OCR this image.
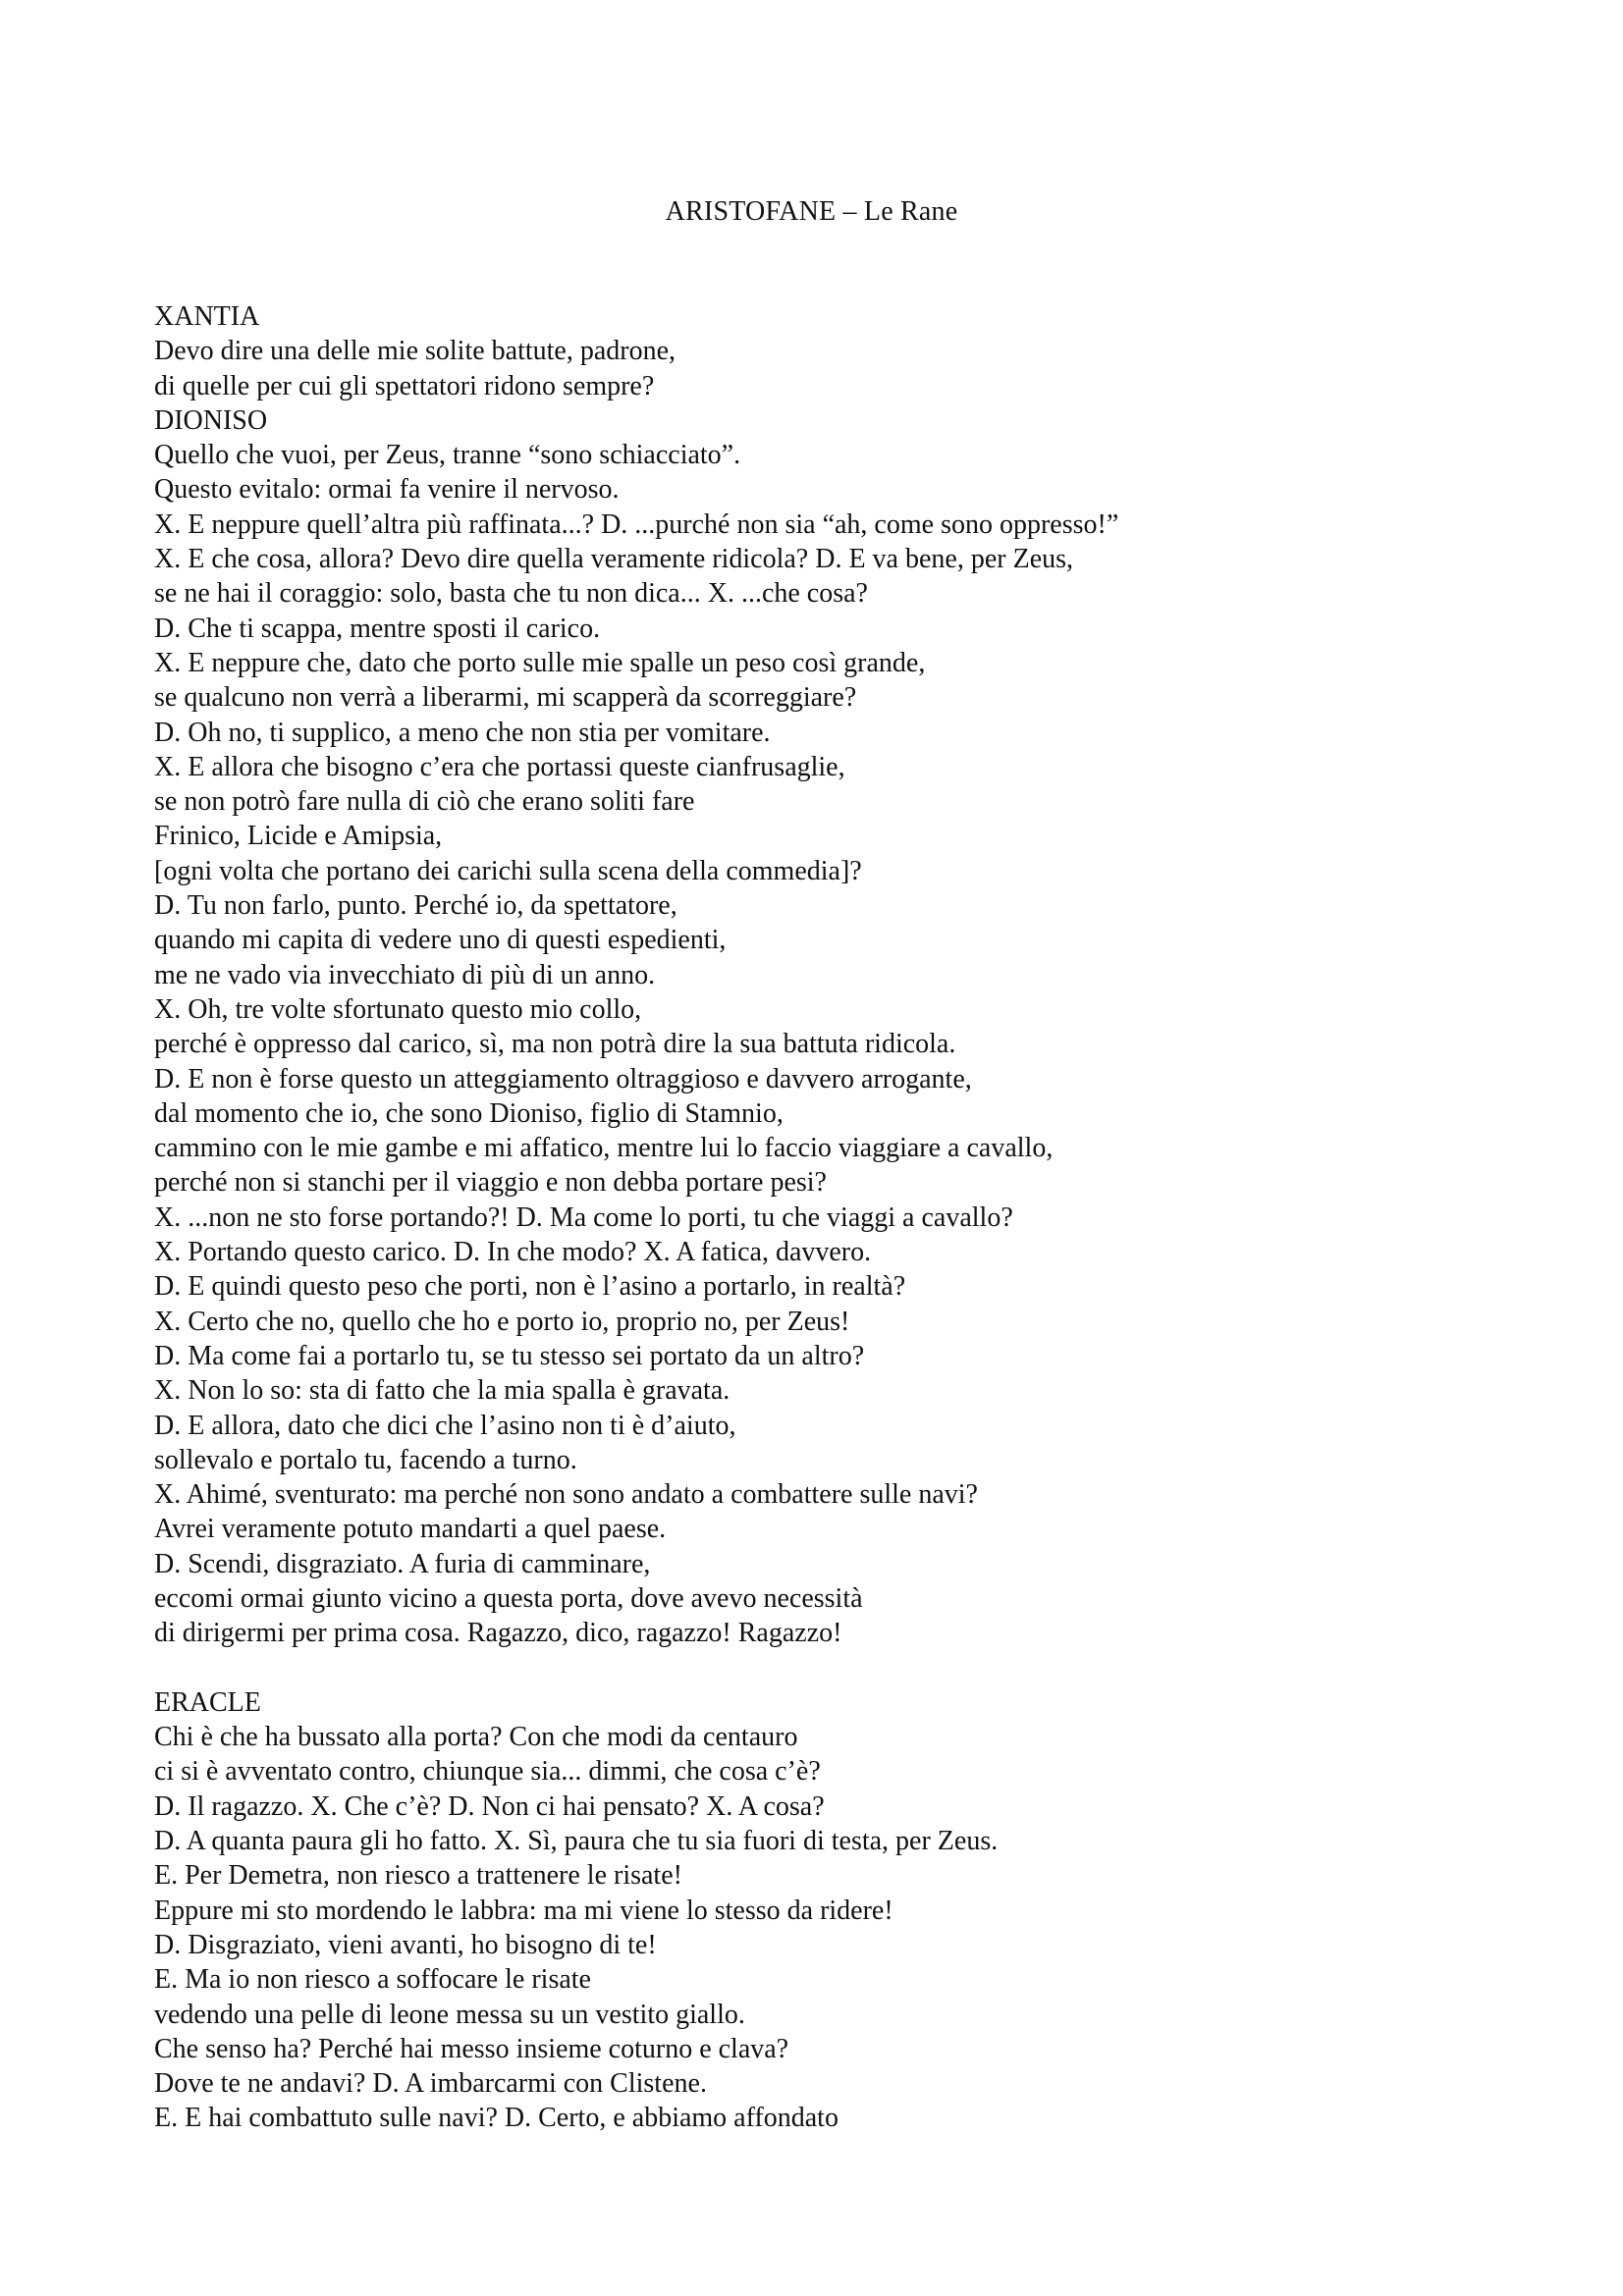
ARISTOFANE – Le Rane
XANTIA
Devo dire una delle mie solite battute, padrone,
di quelle per cui gli spettatori ridono sempre?
DIONISO
Quello che vuoi, per Zeus, tranne “sono schiacciato”.
Questo evitalo: ormai fa venire il nervoso.
X. E neppure quell’altra più raffinata...? D. ...purché non sia “ah, come sono oppresso!”
X. E che cosa, allora? Devo dire quella veramente ridicola? D. E va bene, per Zeus,
se ne hai il coraggio: solo, basta che tu non dica... X. ...che cosa?
D. Che ti scappa, mentre sposti il carico.
X. E neppure che, dato che porto sulle mie spalle un peso così grande,
se qualcuno non verrà a liberarmi, mi scapperà da scorreggiare?
D. Oh no, ti supplico, a meno che non stia per vomitare.
X. E allora che bisogno c’era che portassi queste cianfrusaglie,
se non potrò fare nulla di ciò che erano soliti fare
Frinico, Licide e Amipsia,
[ogni volta che portano dei carichi sulla scena della commedia]?
D. Tu non farlo, punto. Perché io, da spettatore,
quando mi capita di vedere uno di questi espedienti,
me ne vado via invecchiato di più di un anno.
X. Oh, tre volte sfortunato questo mio collo,
perché è oppresso dal carico, sì, ma non potrà dire la sua battuta ridicola.
D. E non è forse questo un atteggiamento oltraggioso e davvero arrogante,
dal momento che io, che sono Dioniso, figlio di Stamnio,
cammino con le mie gambe e mi affatico, mentre lui lo faccio viaggiare a cavallo,
perché non si stanchi per il viaggio e non debba portare pesi?
X. ...non ne sto forse portando?! D. Ma come lo porti, tu che viaggi a cavallo?
X. Portando questo carico. D. In che modo? X. A fatica, davvero.
D. E quindi questo peso che porti, non è l’asino a portarlo, in realtà?
X. Certo che no, quello che ho e porto io, proprio no, per Zeus!
D. Ma come fai a portarlo tu, se tu stesso sei portato da un altro?
X. Non lo so: sta di fatto che la mia spalla è gravata.
D. E allora, dato che dici che l’asino non ti è d’aiuto,
sollevalo e portalo tu, facendo a turno.
X. Ahimé, sventurato: ma perché non sono andato a combattere sulle navi?
Avrei veramente potuto mandarti a quel paese.
D. Scendi, disgraziato. A furia di camminare,
eccomi ormai giunto vicino a questa porta, dove avevo necessità
di dirigermi per prima cosa. Ragazzo, dico, ragazzo! Ragazzo!
ERACLE
Chi è che ha bussato alla porta? Con che modi da centauro
ci si è avventato contro, chiunque sia... dimmi, che cosa c’è?
D. Il ragazzo. X. Che c’è? D. Non ci hai pensato? X. A cosa?
D. A quanta paura gli ho fatto. X. Sì, paura che tu sia fuori di testa, per Zeus.
E. Per Demetra, non riesco a trattenere le risate!
Eppure mi sto mordendo le labbra: ma mi viene lo stesso da ridere!
D. Disgraziato, vieni avanti, ho bisogno di te!
E. Ma io non riesco a soffocare le risate
vedendo una pelle di leone messa su un vestito giallo.
Che senso ha? Perché hai messo insieme coturno e clava?
Dove te ne andavi? D. A imbarcarmi con Clistene.
E. E hai combattuto sulle navi? D. Certo, e abbiamo affondato
